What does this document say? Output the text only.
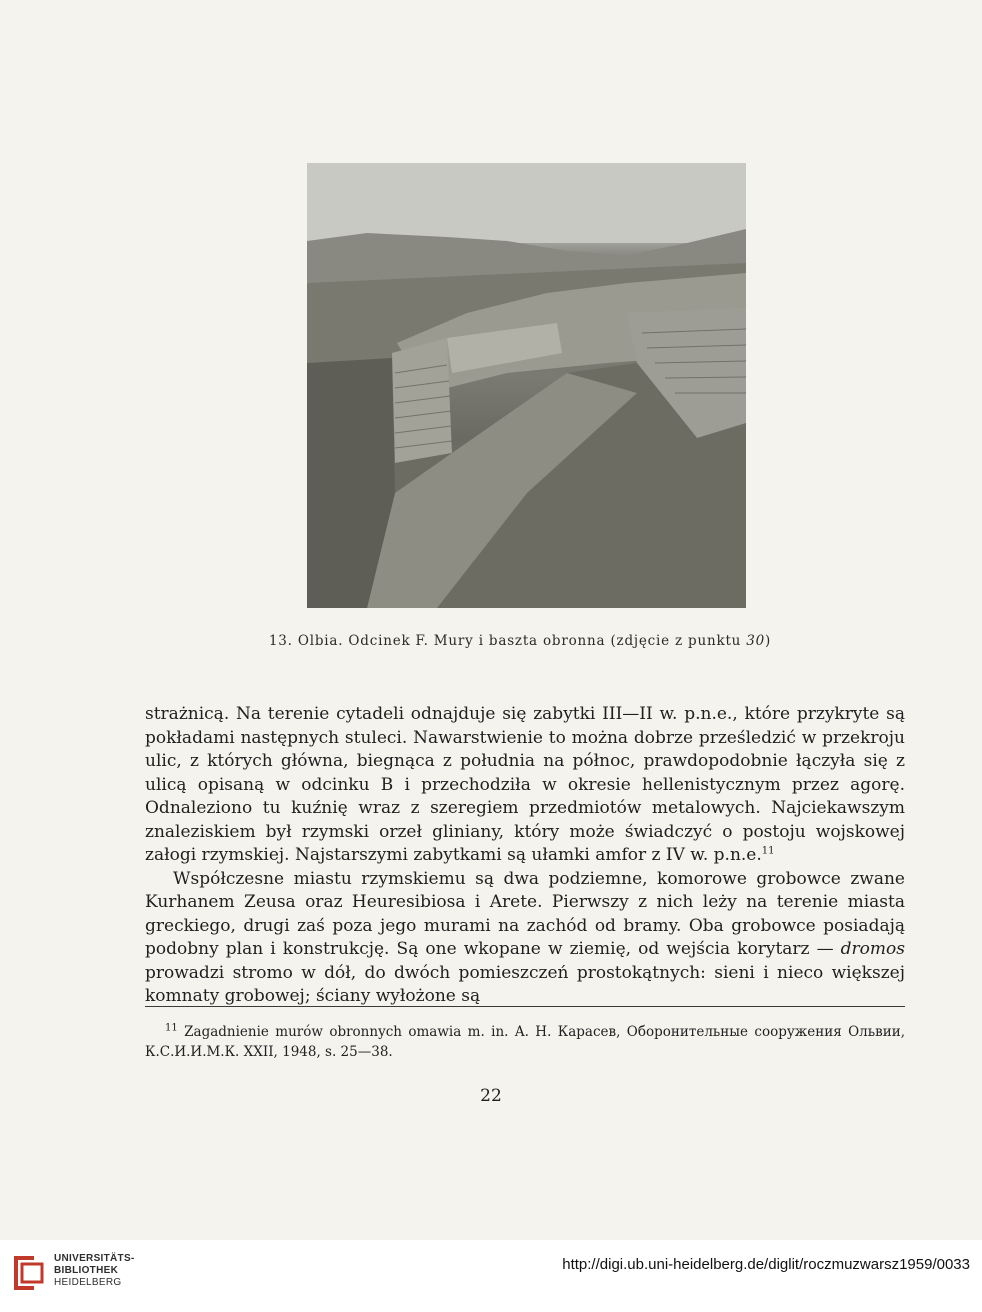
13. Olbia. Odcinek F. Mury i baszta obronna (zdjęcie z punktu 30)

strażnicą. Na terenie cytadeli odnajduje się zabytki III—II w. p.n.e., które przykryte są pokładami następnych stuleci. Nawarstwienie to można dobrze prześledzić w przekroju ulic, z których główna, biegnąca z południa na północ, prawdopodobnie łączyła się z ulicą opisaną w odcinku B i przechodziła w okresie hellenistycznym przez agorę. Odnaleziono tu kuźnię wraz z szeregiem przedmiotów metalowych. Najciekawszym znaleziskiem był rzymski orzeł gliniany, który może świadczyć o postoju wojskowej załogi rzymskiej. Najstarszymi zabytkami są ułamki amfor z IV w. p.n.e.$^{11}$

Współczesne miastu rzymskiemu są dwa podziemne, komorowe grobowce zwane Kurhanem Zeusa oraz Heuresibiosa i Arete. Pierwszy z nich leży na terenie miasta greckiego, drugi zaś poza jego murami na zachód od bramy. Oba grobowce posiadają podobny plan i konstrukcję. Są one wkopane w ziemię, od wejścia korytarz — dromos prowadzi stromo w dół, do dwóch pomieszczeń prostokątnych: sieni i nieco większej komnaty grobowej; ściany wyłożone są

$^{11}$ Zagadnienie murów obronnych omawia m. in. A. H. Карасев, Оборонительные сооружения Ольвии, К.С.И.И.М.К. XXII, 1948, s. 25—38.
22
UNIVERSITÄTS-
BIBLIOTHEK
HEIDELBERG
http://digi.ub.uni-heidelberg.de/diglit/roczmuzwarsz1959/0033
